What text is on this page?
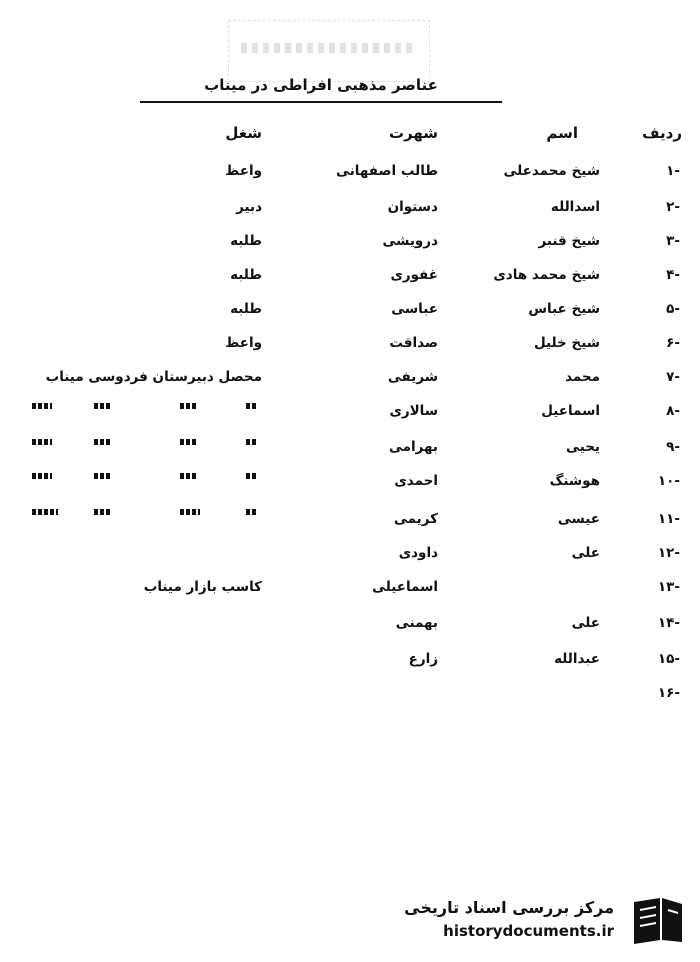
عناصر مذهبی افراطی در میناب
ردیف
اسم
شهرت
شغل
-۱
شیخ محمدعلی
طالب اصفهانی
واعظ
-۲
اسدالله
دستوان
دبیر
-۳
شیخ قنبر
درویشی
طلبه
-۴
شیخ محمد هادی
غفوری
طلبه
-۵
شیخ عباس
عباسی
طلبه
-۶
شیخ خلیل
صداقت
واعظ
-۷
محمد
شریفی
محصل دبیرستان فردوسی میناب
-۸
اسماعیل
سالاری
-۹
یحیی
بهرامی
-۱۰
هوشنگ
احمدی
-۱۱
عیسی
کریمی
-۱۲
علی
داودی
-۱۳
اسماعیلی
کاسب بازار میناب
-۱۴
علی
بهمنی
-۱۵
عبدالله
زارع
-۱۶
مرکز بررسی اسناد تاریخی
historydocuments.ir
